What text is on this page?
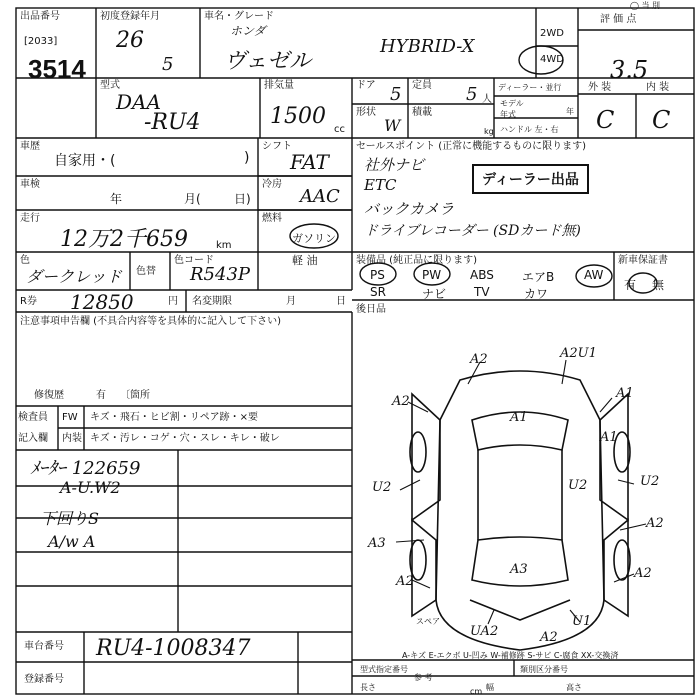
出品番号
[2033]
3514
初度登録年月
26
5
車名・グレード
ホンダ
ヴェゼル
HYBRID-X
2WD
4WD
評 価 点
3.5
外 装	内 装
C C
型式
DAA
-RU4
排気量
1500
cc
ドア 5 定員 5 人
形状
W
積載
kg
ディーラー・並行
モデル年式	年
ハンドル 左・右
車歴
自家用・(	)
シフト
FAT
車検
年	月(	日)
冷房
AAC
走行
12万2千659	km
燃料
ガソリン
軽 油
色
ダークレッド 色替
色コード
R543P
R券 12850	円 名変期限	月	日
セールスポイント (正常に機能するものに限ります)
社外ナビ
ETC
バックカメラ
ドライブレコーダー (SDカード無)
ディーラー出品
装備品 (純正品に限ります)	新車保証書
有 無
PS	PW ABS エアB AW
SR	ナビ TV	カワ
後日品
注意事項申告欄 (不具合内容等を具体的に記入して下さい)
修復歴	有 〔箇所
検査員
記入欄
FW キズ・飛石・ヒビ割・リペア跡・×要
内装 キズ・汚レ・コゲ・穴・スレ・キレ・破レ
ﾒｰﾀｰ 122659
A-U.W2
下回りS
A/w A
A2	A2U1
A2
A1
A1
U2	U2	U2
A3
A3
A2
A2
A2
A1
A2
UA2
U1
スペア
A-キズ E-エクボ U-凹み W-補修跡 S-サビ C-腐食 XX-交換済
◯ 当 別
車台番号 RU4-1008347
登録番号
型式指定番号	類別区分番号
参 考
長さ	cm 幅	高さ
